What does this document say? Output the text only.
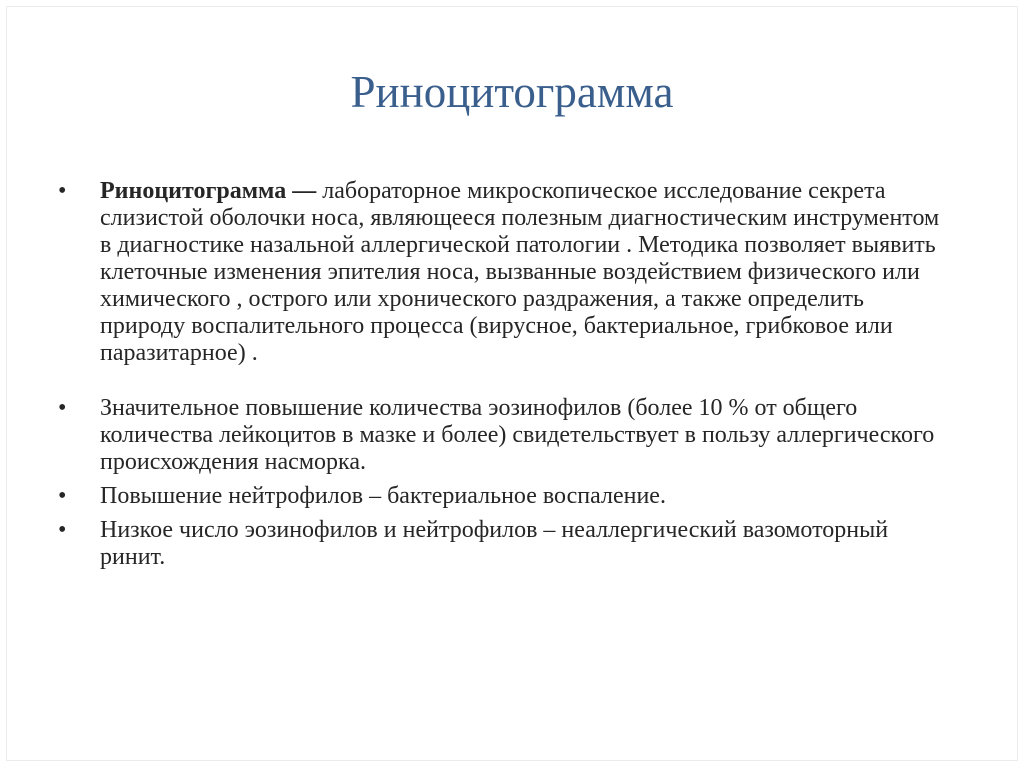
Риноцитограмма
•	Риноцитограмма — лабораторное микроскопическое исследование секрета слизистой оболочки носа, являющееся полезным диагностическим инструментом в диагностике назальной аллергической патологии . Методика позволяет выявить клеточные изменения эпителия носа, вызванные воздействием физического или химического , острого или хронического раздражения, а также определить природу воспалительного процесса (вирусное, бактериальное, грибковое или паразитарное) .
•	Значительное повышение количества эозинофилов (более 10 % от общего количества лейкоцитов в мазке и более) свидетельствует в пользу аллергического происхождения насморка.
•	Повышение нейтрофилов – бактериальное воспаление.
•	Низкое число эозинофилов и нейтрофилов – неаллергический вазомоторный ринит.
